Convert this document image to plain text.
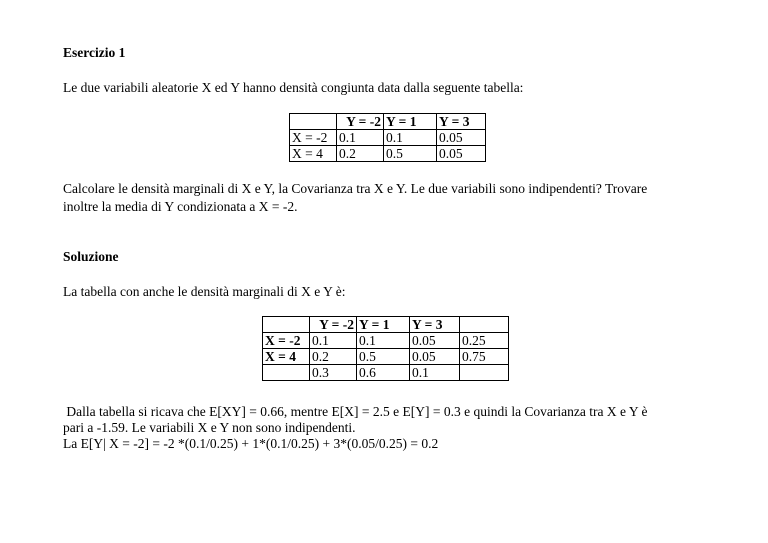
Esercizio 1
Le due variabili aleatorie X ed Y hanno densità congiunta data dalla seguente tabella:
	Y = -2	Y = 1	Y = 3
X = -2	0.1	0.1	0.05
X = 4	0.2	0.5	0.05
Calcolare le densità marginali di X e Y, la Covarianza tra X e Y. Le due variabili sono indipendenti? Trovare
inoltre la media di Y condizionata a X = -2.
Soluzione
La tabella con anche le densità marginali di X e Y è:
	Y = -2	Y = 1	Y = 3	
X = -2	0.1	0.1	0.05	0.25
X = 4	0.2	0.5	0.05	0.75
	0.3	0.6	0.1	
Dalla tabella si ricava che E[XY] = 0.66, mentre E[X] = 2.5 e E[Y] = 0.3 e quindi la Covarianza tra X e Y è
pari a -1.59. Le variabili X e Y non sono indipendenti.
La E[Y| X = -2] = -2 *(0.1/0.25) + 1*(0.1/0.25) + 3*(0.05/0.25) = 0.2
